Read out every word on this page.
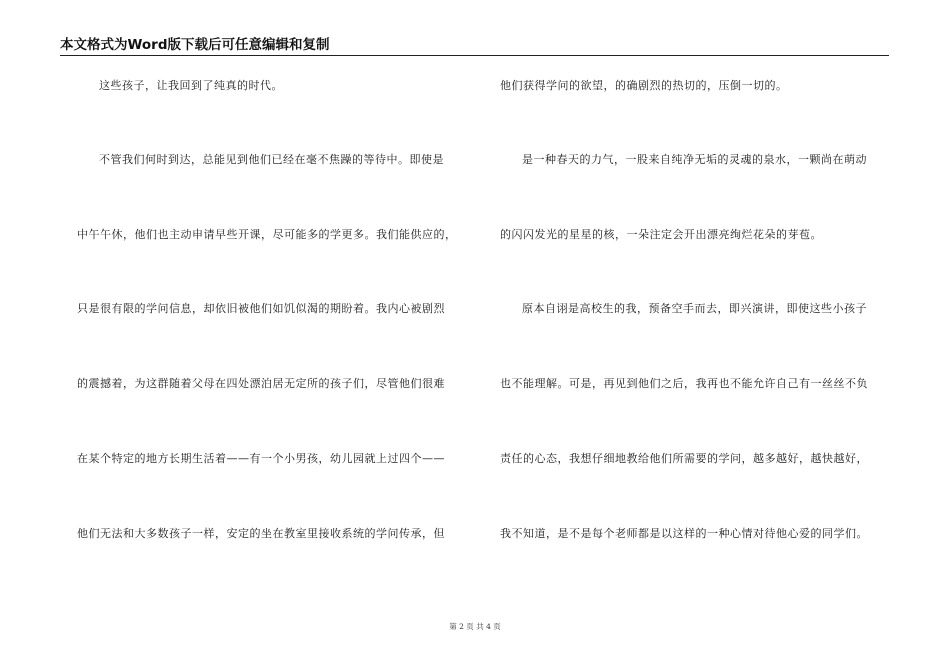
本文格式为Word版下载后可任意编辑和复制
这些孩子，让我回到了纯真的时代。
不管我们何时到达，总能见到他们已经在毫不焦躁的等待中。即使是
中午午休，他们也主动申请早些开课，尽可能多的学更多。我们能供应的，
只是很有限的学问信息，却依旧被他们如饥似渴的期盼着。我内心被剧烈
的震撼着，为这群随着父母在四处漂泊居无定所的孩子们，尽管他们很难
在某个特定的地方长期生活着——有一个小男孩，幼儿园就上过四个——
他们无法和大多数孩子一样，安定的坐在教室里接收系统的学问传承，但
他们获得学问的欲望，的确剧烈的热切的，压倒一切的。
是一种春天的力气，一股来自纯净无垢的灵魂的泉水，一颗尚在萌动
的闪闪发光的星星的核，一朵注定会开出漂亮绚烂花朵的芽苞。
原本自诩是高校生的我，预备空手而去，即兴演讲，即使这些小孩子
也不能理解。可是，再见到他们之后，我再也不能允许自己有一丝丝不负
责任的心态，我想仔细地教给他们所需要的学问，越多越好，越快越好，
我不知道，是不是每个老师都是以这样的一种心情对待他心爱的同学们。
第 2 页 共 4 页
